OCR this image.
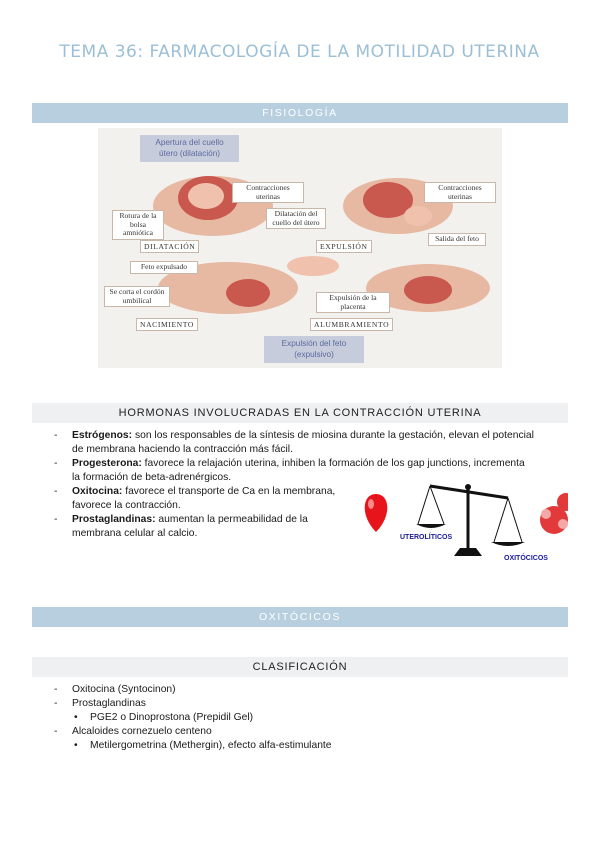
TEMA 36: FARMACOLOGÍA DE LA MOTILIDAD UTERINA
FISIOLOGÍA
Apertura del cuello útero (dilatación)
Contracciones uterinas
Rotura de la bolsa amniótica
Dilatación del cuello del útero
DILATACIÓN
Contracciones uterinas
Salida del feto
EXPULSIÓN
Feto expulsado
Se corta el cordón umbilical
NACIMIENTO
Expulsión de la placenta
ALUMBRAMIENTO
Expulsión del feto (expulsivo)
HORMONAS INVOLUCRADAS EN LA CONTRACCIÓN UTERINA
- Estrógenos: son los responsables de la síntesis de miosina durante la gestación, elevan el potencial
de membrana haciendo la contracción más fácil.
- Progesterona: favorece la relajación uterina, inhiben la formación de los gap junctions, incrementa
la formación de beta-adrenérgicos.
- Oxitocina: favorece el transporte de Ca en la membrana,
favorece la contracción.
- Prostaglandinas: aumentan la permeabilidad de la
membrana celular al calcio.	UTEROLÍTICOS
OXITÓCICOS
OXITÓCICOS
CLASIFICACIÓN
- Oxitocina (Syntocinon)
- Prostaglandinas
• PGE2 o Dinoprostona (Prepidil Gel)
- Alcaloides cornezuelo centeno
• Metilergometrina (Methergin), efecto alfa-estimulante
